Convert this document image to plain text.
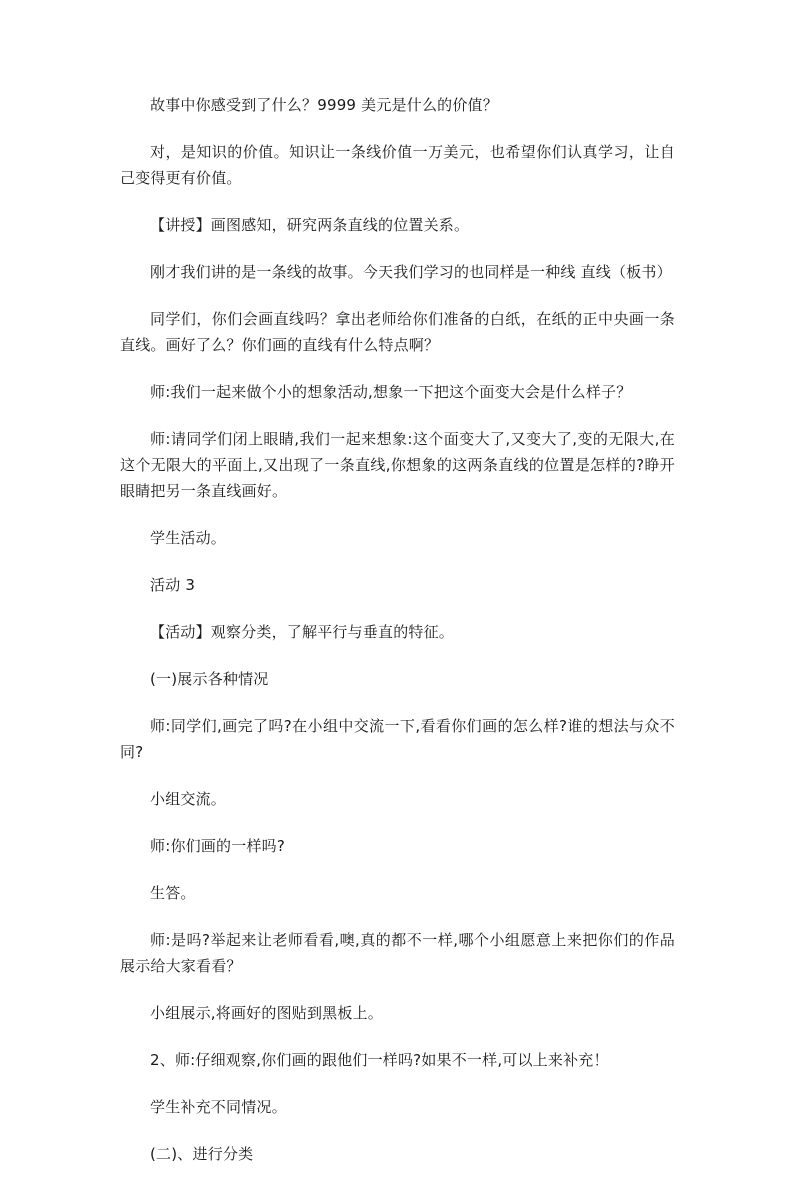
故事中你感受到了什么？9999 美元是什么的价值？

对，是知识的价值。知识让一条线价值一万美元，也希望你们认真学习，让自己变得更有价值。

【讲授】画图感知，研究两条直线的位置关系。

刚才我们讲的是一条线的故事。今天我们学习的也同样是一种线 直线（板书）

同学们，你们会画直线吗？拿出老师给你们准备的白纸，在纸的正中央画一条直线。画好了么？你们画的直线有什么特点啊？

师:我们一起来做个小的想象活动,想象一下把这个面变大会是什么样子？

师:请同学们闭上眼睛,我们一起来想象:这个面变大了,又变大了,变的无限大,在这个无限大的平面上,又出现了一条直线,你想象的这两条直线的位置是怎样的?睁开眼睛把另一条直线画好。

学生活动。

活动 3

【活动】观察分类，了解平行与垂直的特征。

(一)展示各种情况

师:同学们,画完了吗?在小组中交流一下,看看你们画的怎么样?谁的想法与众不同?

小组交流。

师:你们画的一样吗?

生答。

师:是吗?举起来让老师看看,噢,真的都不一样,哪个小组愿意上来把你们的作品展示给大家看看？

小组展示,将画好的图贴到黑板上。

2、师:仔细观察,你们画的跟他们一样吗?如果不一样,可以上来补充！

学生补充不同情况。

(二)、进行分类
